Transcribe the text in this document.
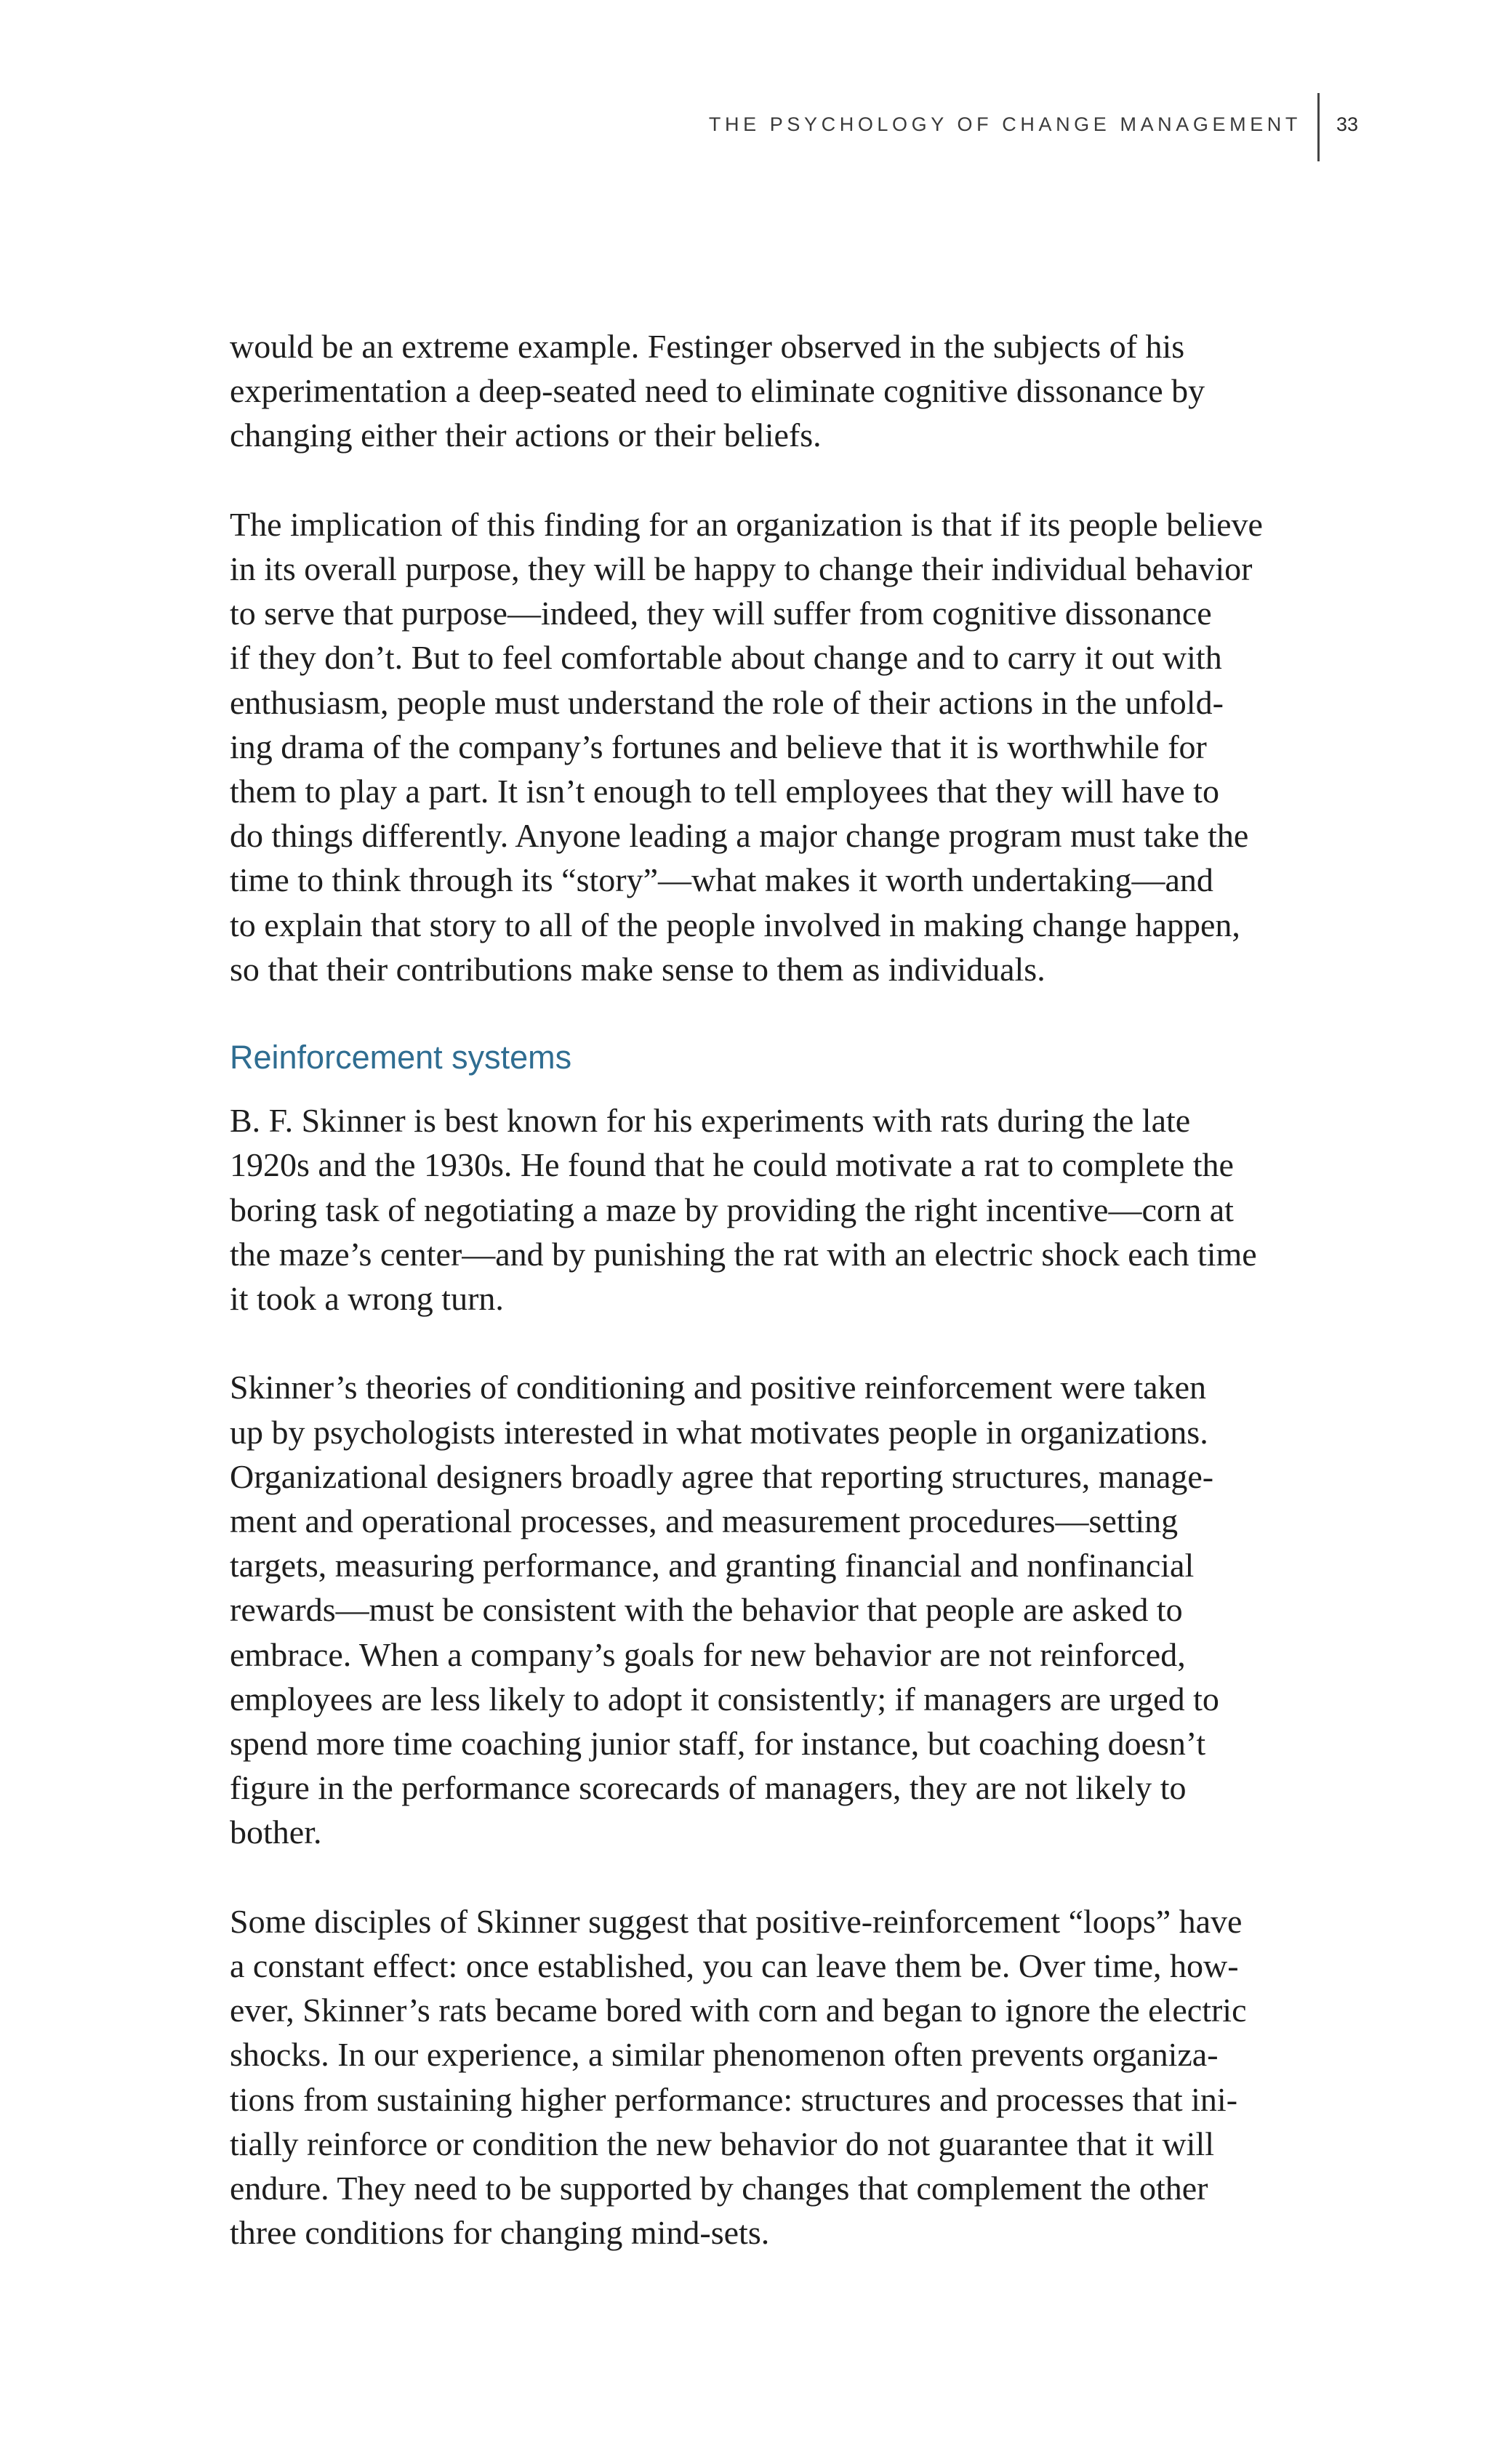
THE PSYCHOLOGY OF CHANGE MANAGEMENT 33

would be an extreme example. Festinger observed in the subjects of his
experimentation a deep-seated need to eliminate cognitive dissonance by
changing either their actions or their beliefs.

The implication of this finding for an organization is that if its people believe
in its overall purpose, they will be happy to change their individual behavior
to serve that purpose—indeed, they will suffer from cognitive dissonance
if they don’t. But to feel comfortable about change and to carry it out with
enthusiasm, people must understand the role of their actions in the unfold-
ing drama of the company’s fortunes and believe that it is worthwhile for
them to play a part. It isn’t enough to tell employees that they will have to
do things differently. Anyone leading a major change program must take the
time to think through its “story”—what makes it worth undertaking—and
to explain that story to all of the people involved in making change happen,
so that their contributions make sense to them as individuals.

Reinforcement systems

B. F. Skinner is best known for his experiments with rats during the late
1920s and the 1930s. He found that he could motivate a rat to complete the
boring task of negotiating a maze by providing the right incentive—corn at
the maze’s center—and by punishing the rat with an electric shock each time
it took a wrong turn.

Skinner’s theories of conditioning and positive reinforcement were taken
up by psychologists interested in what motivates people in organizations.
Organizational designers broadly agree that reporting structures, manage-
ment and operational processes, and measurement procedures—setting
targets, measuring performance, and granting financial and nonfinancial
rewards—must be consistent with the behavior that people are asked to
embrace. When a company’s goals for new behavior are not reinforced,
employees are less likely to adopt it consistently; if managers are urged to
spend more time coaching junior staff, for instance, but coaching doesn’t
figure in the performance scorecards of managers, they are not likely to
bother.

Some disciples of Skinner suggest that positive-reinforcement “loops” have
a constant effect: once established, you can leave them be. Over time, how-
ever, Skinner’s rats became bored with corn and began to ignore the electric
shocks. In our experience, a similar phenomenon often prevents organiza-
tions from sustaining higher performance: structures and processes that ini-
tially reinforce or condition the new behavior do not guarantee that it will
endure. They need to be supported by changes that complement the other
three conditions for changing mind-sets.
